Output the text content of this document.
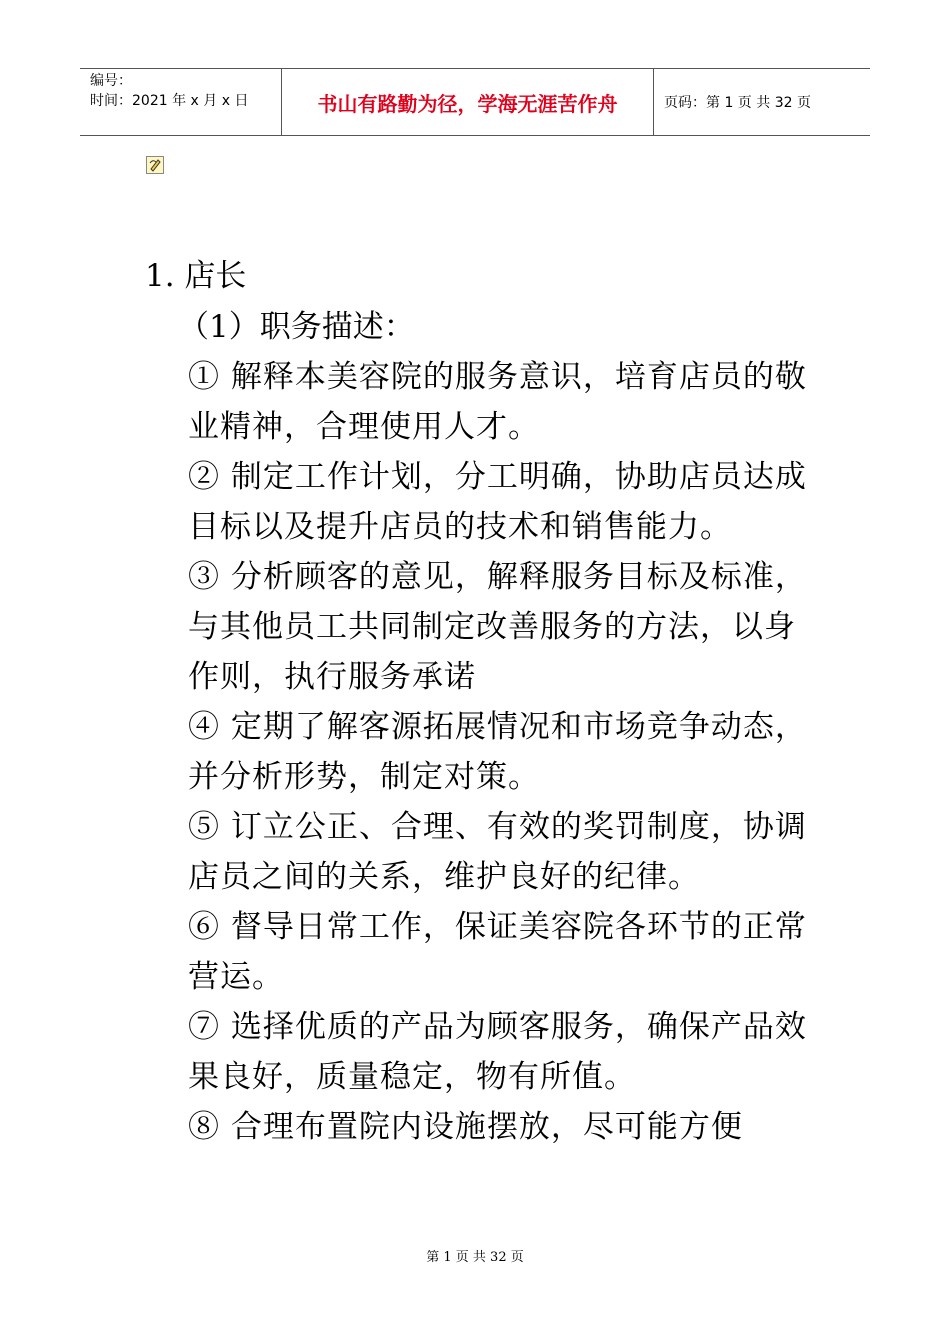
编号：
时间：2021 年 x 月 x 日	书山有路勤为径，学海无涯苦作舟	页码：第 1 页 共 32 页
1. 店长
（1）职务描述：

① 解释本美容院的服务意识，培育店员的敬业精神，合理使用人才。

② 制定工作计划，分工明确，协助店员达成目标以及提升店员的技术和销售能力。

③ 分析顾客的意见，解释服务目标及标准，与其他员工共同制定改善服务的方法，以身作则，执行服务承诺

④ 定期了解客源拓展情况和市场竞争动态，并分析形势，制定对策。

⑤ 订立公正、合理、有效的奖罚制度，协调店员之间的关系，维护良好的纪律。

⑥ 督导日常工作，保证美容院各环节的正常营运。

⑦ 选择优质的产品为顾客服务，确保产品效果良好，质量稳定，物有所值。

⑧ 合理布置院内设施摆放，尽可能方便

第 1 页 共 32 页
